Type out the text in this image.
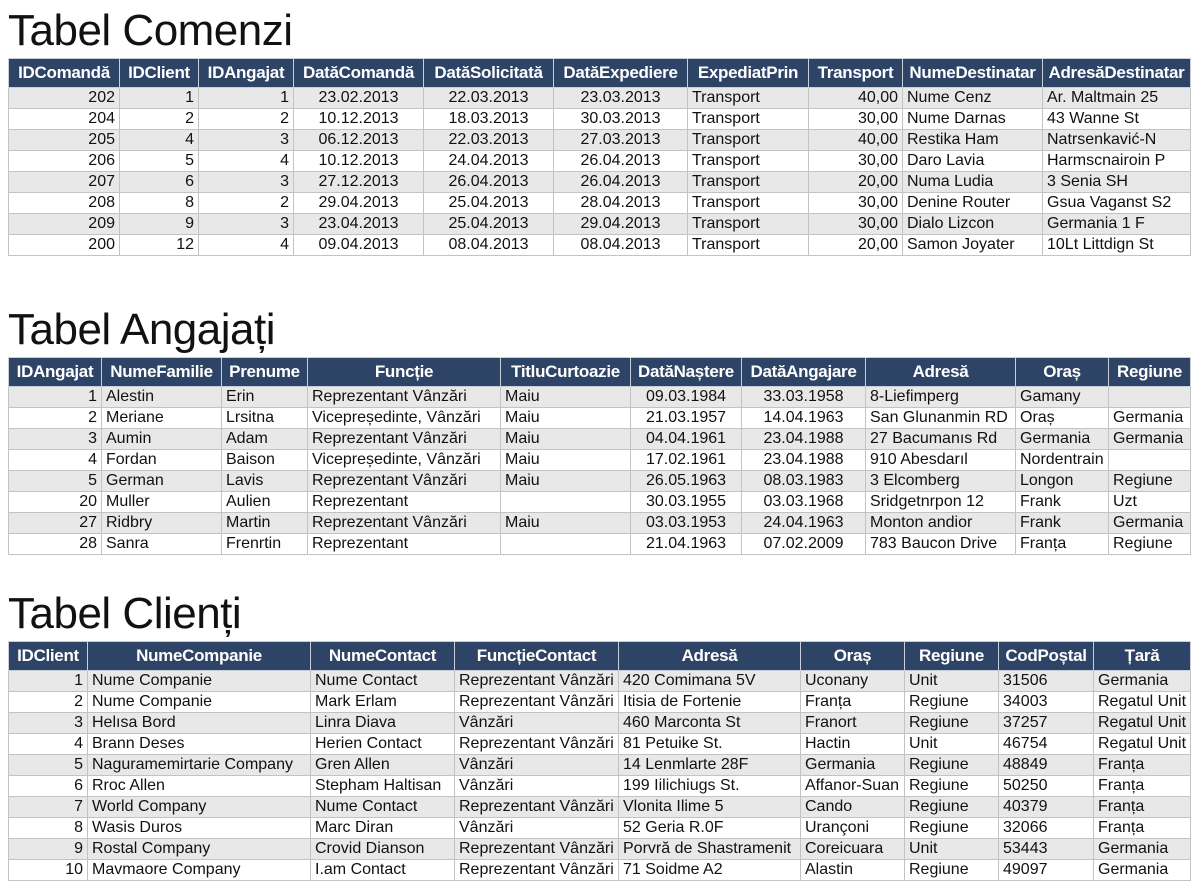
Tabel Comenzi
IDComandă	IDClient	IDAngajat	DatăComandă	DatăSolicitată	DatăExpediere	ExpediatPrin	Transport	NumeDestinatar	AdresăDestinatar
202	1	1	23.02.2013	22.03.2013	23.03.2013	Transport	40,00	Nume Cenz	Ar. Maltmain 25
204	2	2	10.12.2013	18.03.2013	30.03.2013	Transport	30,00	Nume Darnas	43 Wanne St
205	4	3	06.12.2013	22.03.2013	27.03.2013	Transport	40,00	Restika Ham	Natrsenkavić-N
206	5	4	10.12.2013	24.04.2013	26.04.2013	Transport	30,00	Daro Lavia	Harmscnairoin P
207	6	3	27.12.2013	26.04.2013	26.04.2013	Transport	20,00	Numa Ludia	3 Senia SH
208	8	2	29.04.2013	25.04.2013	28.04.2013	Transport	30,00	Denine Router	Gsua Vaganst S2
209	9	3	23.04.2013	25.04.2013	29.04.2013	Transport	30,00	Dialo Lizcon	Germania 1 F
200	12	4	09.04.2013	08.04.2013	08.04.2013	Transport	20,00	Samon Joyater	10Lt Littdign St
Tabel Angajați
IDAngajat	NumeFamilie	Prenume	Funcție	TitluCurtoazie	DatăNaștere	DatăAngajare	Adresă	Oraș	Regiune
1	Alestin	Erin	Reprezentant Vânzări	Maiu	09.03.1984	33.03.1958	8-Liefimperg	Gamany	
2	Meriane	Lrsitna	Vicepreședinte, Vânzări	Maiu	21.03.1957	14.04.1963	San Glunanmin RD	Oraș	Germania
3	Aumin	Adam	Reprezentant Vânzări	Maiu	04.04.1961	23.04.1988	27 Bacumanıs Rd	Germania	Germania
4	Fordan	Baison	Vicepreședinte, Vânzări	Maiu	17.02.1961	23.04.1988	910 Abesdarıl	Nordentrain	
5	German	Lavis	Reprezentant Vânzări	Maiu	26.05.1963	08.03.1983	3 Elcomberg	Longon	Regiune
20	Muller	Aulien	Reprezentant		30.03.1955	03.03.1968	Sridgetnrpon 12	Frank	Uzt
27	Ridbry	Martin	Reprezentant Vânzări	Maiu	03.03.1953	24.04.1963	Monton andior	Frank	Germania
28	Sanra	Frenrtin	Reprezentant		21.04.1963	07.02.2009	783 Baucon Drive	Franța	Regiune
Tabel Clienți
IDClient	NumeCompanie	NumeContact	FuncțieContact	Adresă	Oraș	Regiune	CodPoștal	Țară
1	Nume Companie	Nume Contact	Reprezentant Vânzări	420 Comimana 5V	Uconany	Unit	31506	Germania
2	Nume Companie	Mark Erlam	Reprezentant Vânzări	Itisia de Fortenie	Franța	Regiune	34003	Regatul Unit
3	Helısa Bord	Linra Diava	Vânzări	460 Marconta St	Franort	Regiune	37257	Regatul Unit
4	Brann Deses	Herien Contact	Reprezentant Vânzări	81 Petuike St.	Hactin	Unit	46754	Regatul Unit
5	Naguramemirtarie Company	Gren Allen	Vânzări	14 Lenmlarte 28F	Germania	Regiune	48849	Franța
6	Rroc Allen	Stepham Haltisan	Vânzări	199 Iilichiugs St.	Affanor-Suan	Regiune	50250	Franța
7	World Company	Nume Contact	Reprezentant Vânzări	Vlonita Ilime 5	Cando	Regiune	40379	Franța
8	Wasis Duros	Marc Diran	Vânzări	52 Geria R.0F	Urançoni	Regiune	32066	Franța
9	Rostal Company	Crovid Dianson	Reprezentant Vânzări	Porvră de Shastramenit	Coreicuara	Unit	53443	Germania
10	Mavmaore Company	I.am Contact	Reprezentant Vânzări	71 Soidme A2	Alastin	Regiune	49097	Germania
